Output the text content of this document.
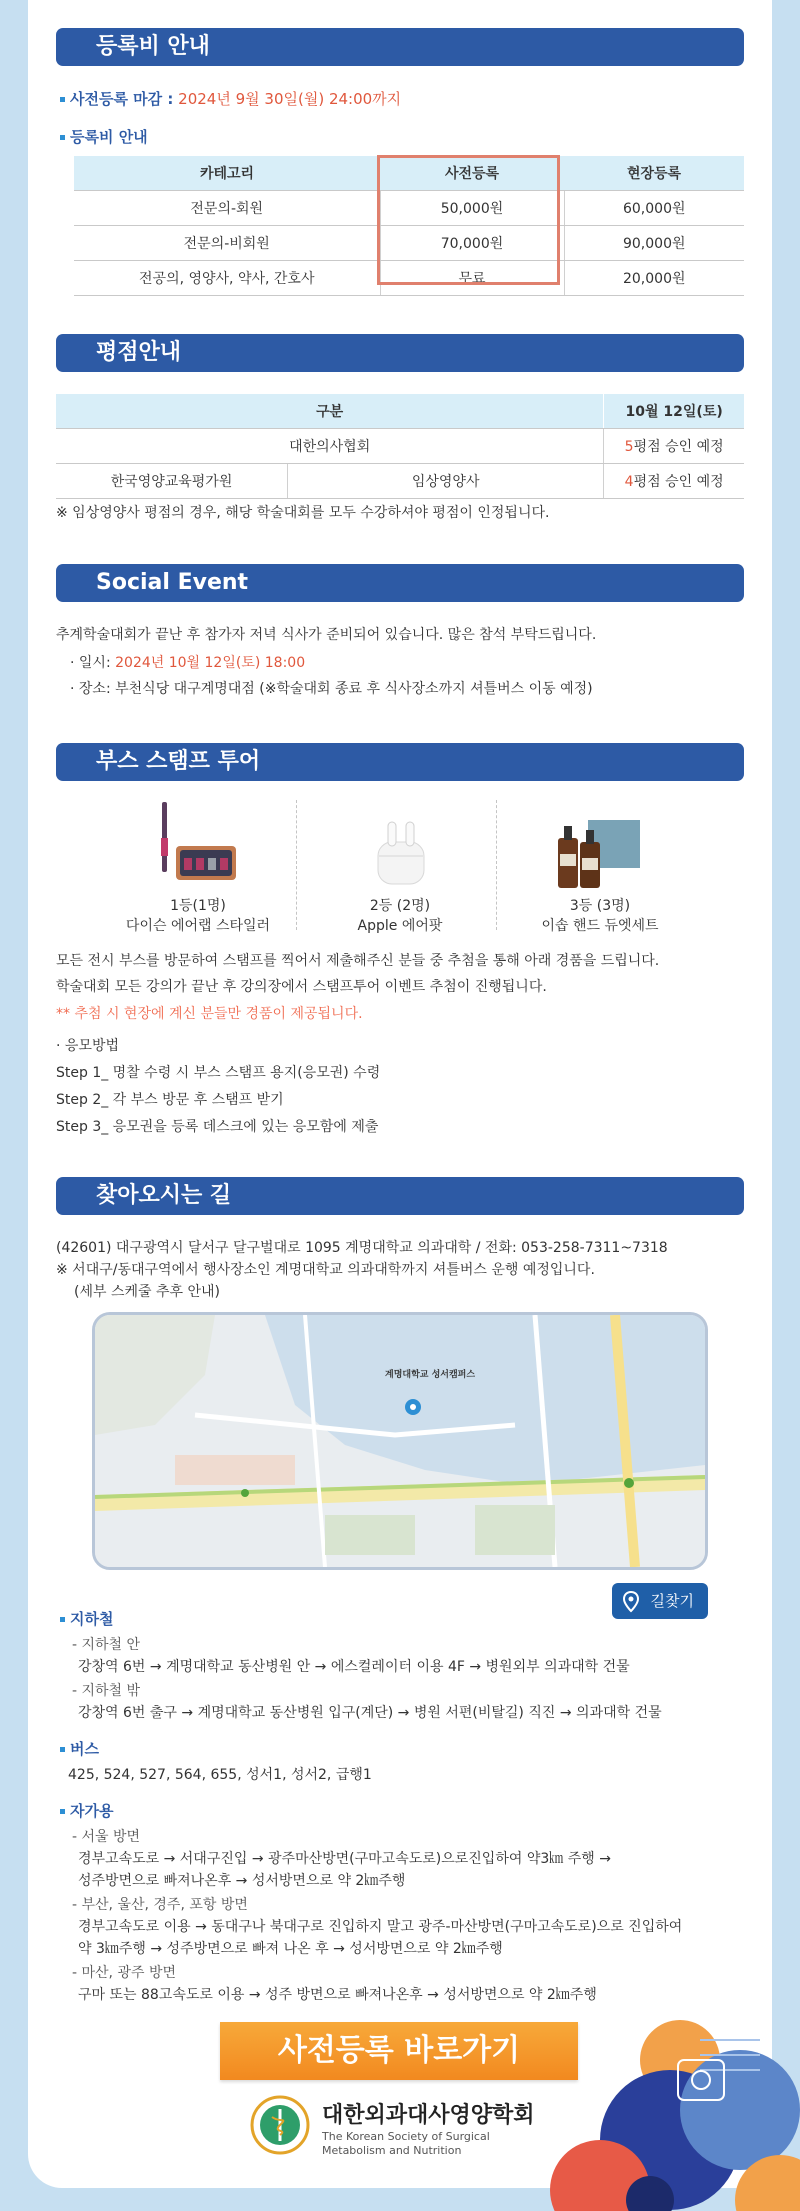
등록비 안내
사전등록 마감 : 2024년 9월 30일(월) 24:00까지
등록비 안내
카테고리	사전등록	현장등록
전문의-회원	50,000원	60,000원
전문의-비회원	70,000원	90,000원
전공의, 영양사, 약사, 간호사	무료	20,000원
평점안내
구분		10월 12일(토)
대한의사협회		5평점 승인 예정
한국영양교육평가원	임상영양사	4평점 승인 예정
※ 임상영양사 평점의 경우, 해당 학술대회를 모두 수강하셔야 평점이 인정됩니다.
Social Event
추계학술대회가 끝난 후 참가자 저녁 식사가 준비되어 있습니다. 많은 참석 부탁드립니다.
· 일시: 2024년 10월 12일(토) 18:00
· 장소: 부천식당 대구계명대점 (※학술대회 종료 후 식사장소까지 셔틀버스 이동 예정)
부스 스탬프 투어
1등(1명)
다이슨 에어랩 스타일러
2등 (2명)
Apple 에어팟
3등 (3명)
이솝 핸드 듀엣세트
모든 전시 부스를 방문하여 스탬프를 찍어서 제출해주신 분들 중 추첨을 통해 아래 경품을 드립니다.
학술대회 모든 강의가 끝난 후 강의장에서 스탬프투어 이벤트 추첨이 진행됩니다.
** 추첨 시 현장에 계신 분들만 경품이 제공됩니다.
· 응모방법
Step 1_ 명찰 수령 시 부스 스탬프 용지(응모권) 수령
Step 2_ 각 부스 방문 후 스탬프 받기
Step 3_ 응모권을 등록 데스크에 있는 응모함에 제출
찾아오시는 길
(42601) 대구광역시 달서구 달구벌대로 1095 계명대학교 의과대학 / 전화: 053-258-7311~7318
※ 서대구/동대구역에서 행사장소인 계명대학교 의과대학까지 셔틀버스 운행 예정입니다.
(세부 스케줄 추후 안내)
계명대학교 성서캠퍼스
길찾기
지하철
- 지하철 안
강창역 6번 → 계명대학교 동산병원 안 → 에스컬레이터 이용 4F → 병원외부 의과대학 건물
- 지하철 밖
강창역 6번 출구 → 계명대학교 동산병원 입구(계단) → 병원 서편(비탈길) 직진 → 의과대학 건물
버스
425, 524, 527, 564, 655, 성서1, 성서2, 급행1
자가용
- 서울 방면
경부고속도로 → 서대구진입 → 광주마산방면(구마고속도로)으로진입하여 약3㎞ 주행 →
성주방면으로 빠져나온후 → 성서방면으로 약 2㎞주행
- 부산, 울산, 경주, 포항 방면
경부고속도로 이용 → 동대구나 북대구로 진입하지 말고 광주-마산방면(구마고속도로)으로 진입하여
약 3㎞주행 → 성주방면으로 빠져 나온 후 → 성서방면으로 약 2㎞주행
- 마산, 광주 방면
구마 또는 88고속도로 이용 → 성주 방면으로 빠져나온후 → 성서방면으로 약 2㎞주행
사전등록 바로가기
대한외과대사영양학회
The Korean Society of Surgical
Metabolism and Nutrition
